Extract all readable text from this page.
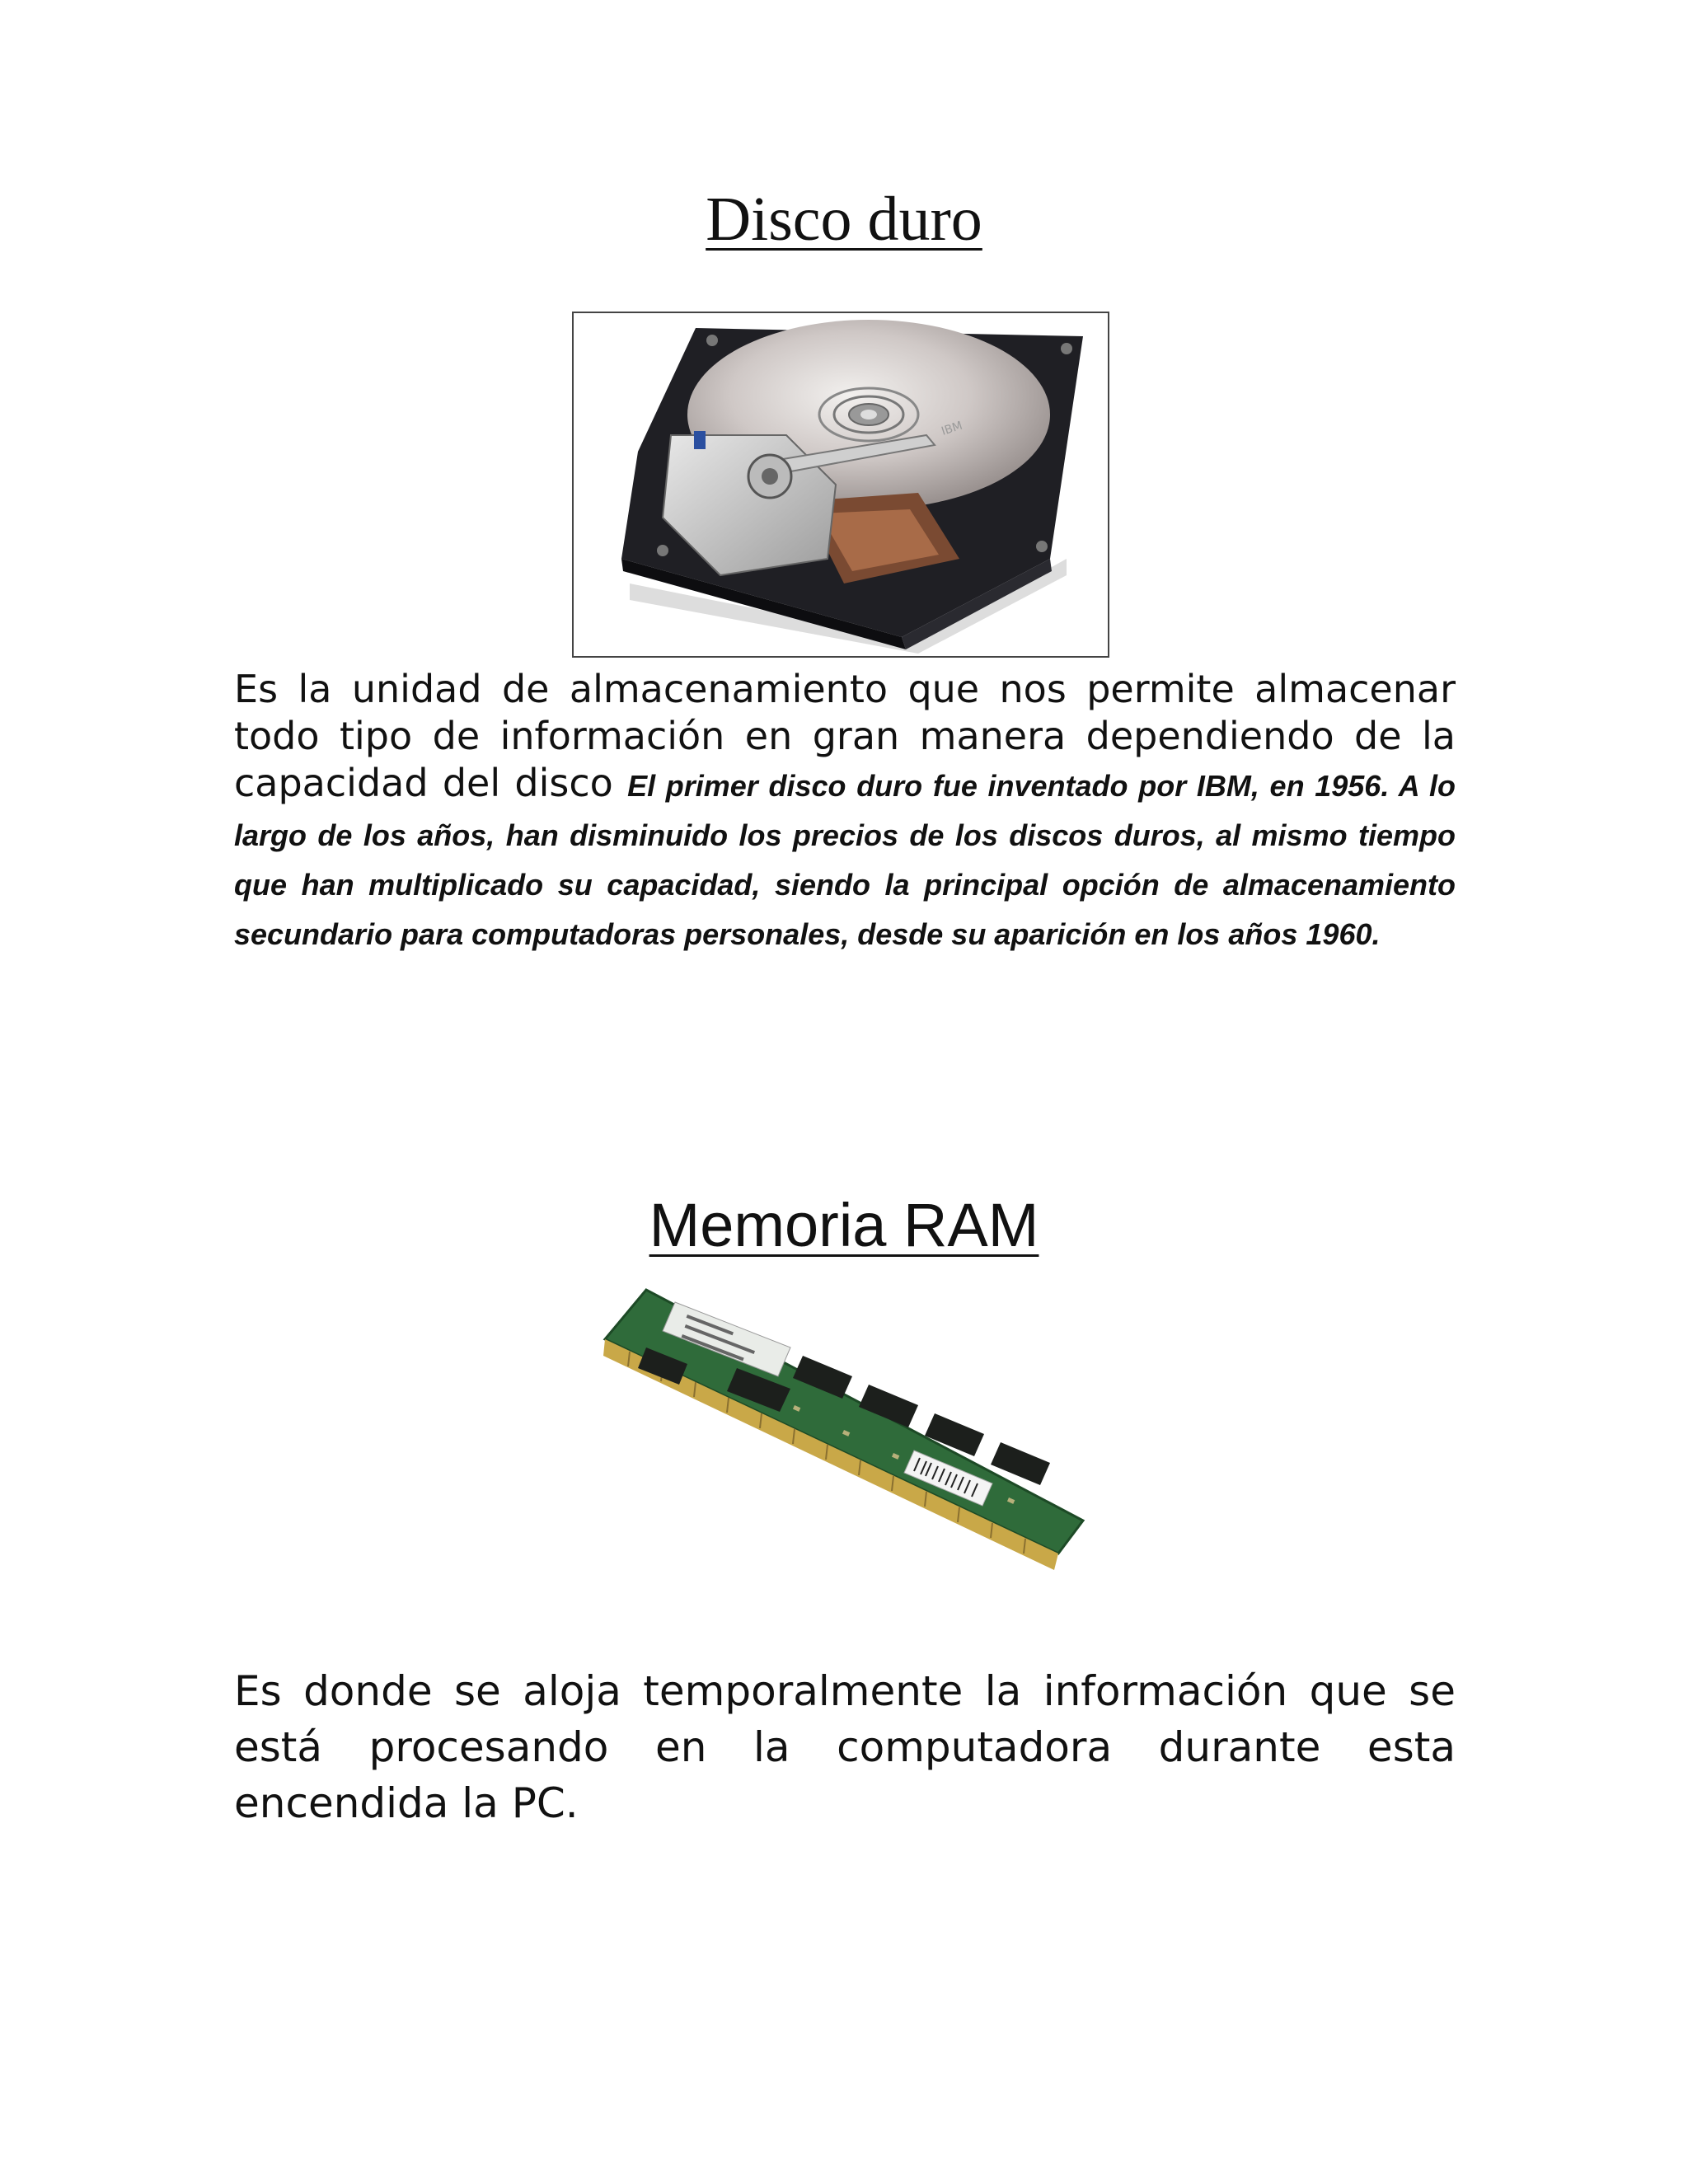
Disco duro
IBM
Es la unidad de almacenamiento que nos permite almacenar todo tipo de información en gran manera dependiendo de la capacidad del disco El primer disco duro fue inventado por IBM, en 1956. A lo largo de los años, han disminuido los precios de los discos duros, al mismo tiempo que han multiplicado su capacidad, siendo la principal opción de almacenamiento secundario para computadoras personales, desde su aparición en los años 1960.
Memoria RAM
Es donde se aloja temporalmente la información que se está procesando en la computadora durante esta encendida la PC.
